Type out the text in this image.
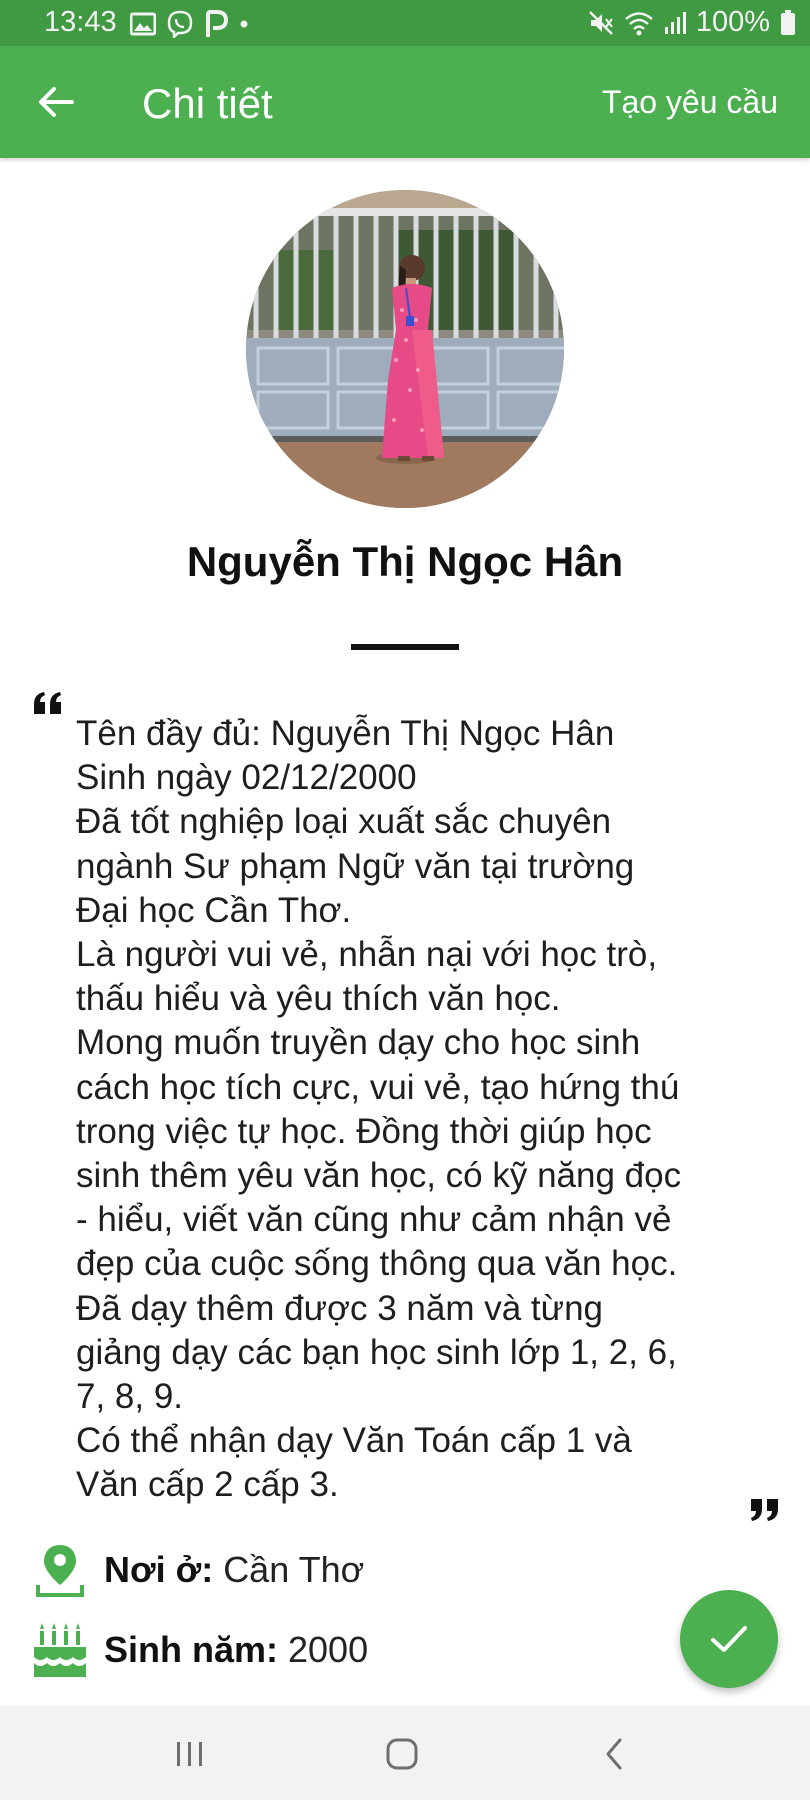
13:43	100%
Chi tiết	Tạo yêu cầu
Nguyễn Thị Ngọc Hân
Tên đầy đủ: Nguyễn Thị Ngọc Hân
Sinh ngày 02/12/2000
Đã tốt nghiệp loại xuất sắc chuyên
ngành Sư phạm Ngữ văn tại trường
Đại học Cần Thơ.
Là người vui vẻ, nhẫn nại với học trò,
thấu hiểu và yêu thích văn học.
Mong muốn truyền dạy cho học sinh
cách học tích cực, vui vẻ, tạo hứng thú
trong việc tự học. Đồng thời giúp học
sinh thêm yêu văn học, có kỹ năng đọc
- hiểu, viết văn cũng như cảm nhận vẻ
đẹp của cuộc sống thông qua văn học.
Đã dạy thêm được 3 năm và từng
giảng dạy các bạn học sinh lớp 1, 2, 6,
7, 8, 9.
Có thể nhận dạy Văn Toán cấp 1 và
Văn cấp 2 cấp 3.
Nơi ở: Cần Thơ
Sinh năm: 2000
